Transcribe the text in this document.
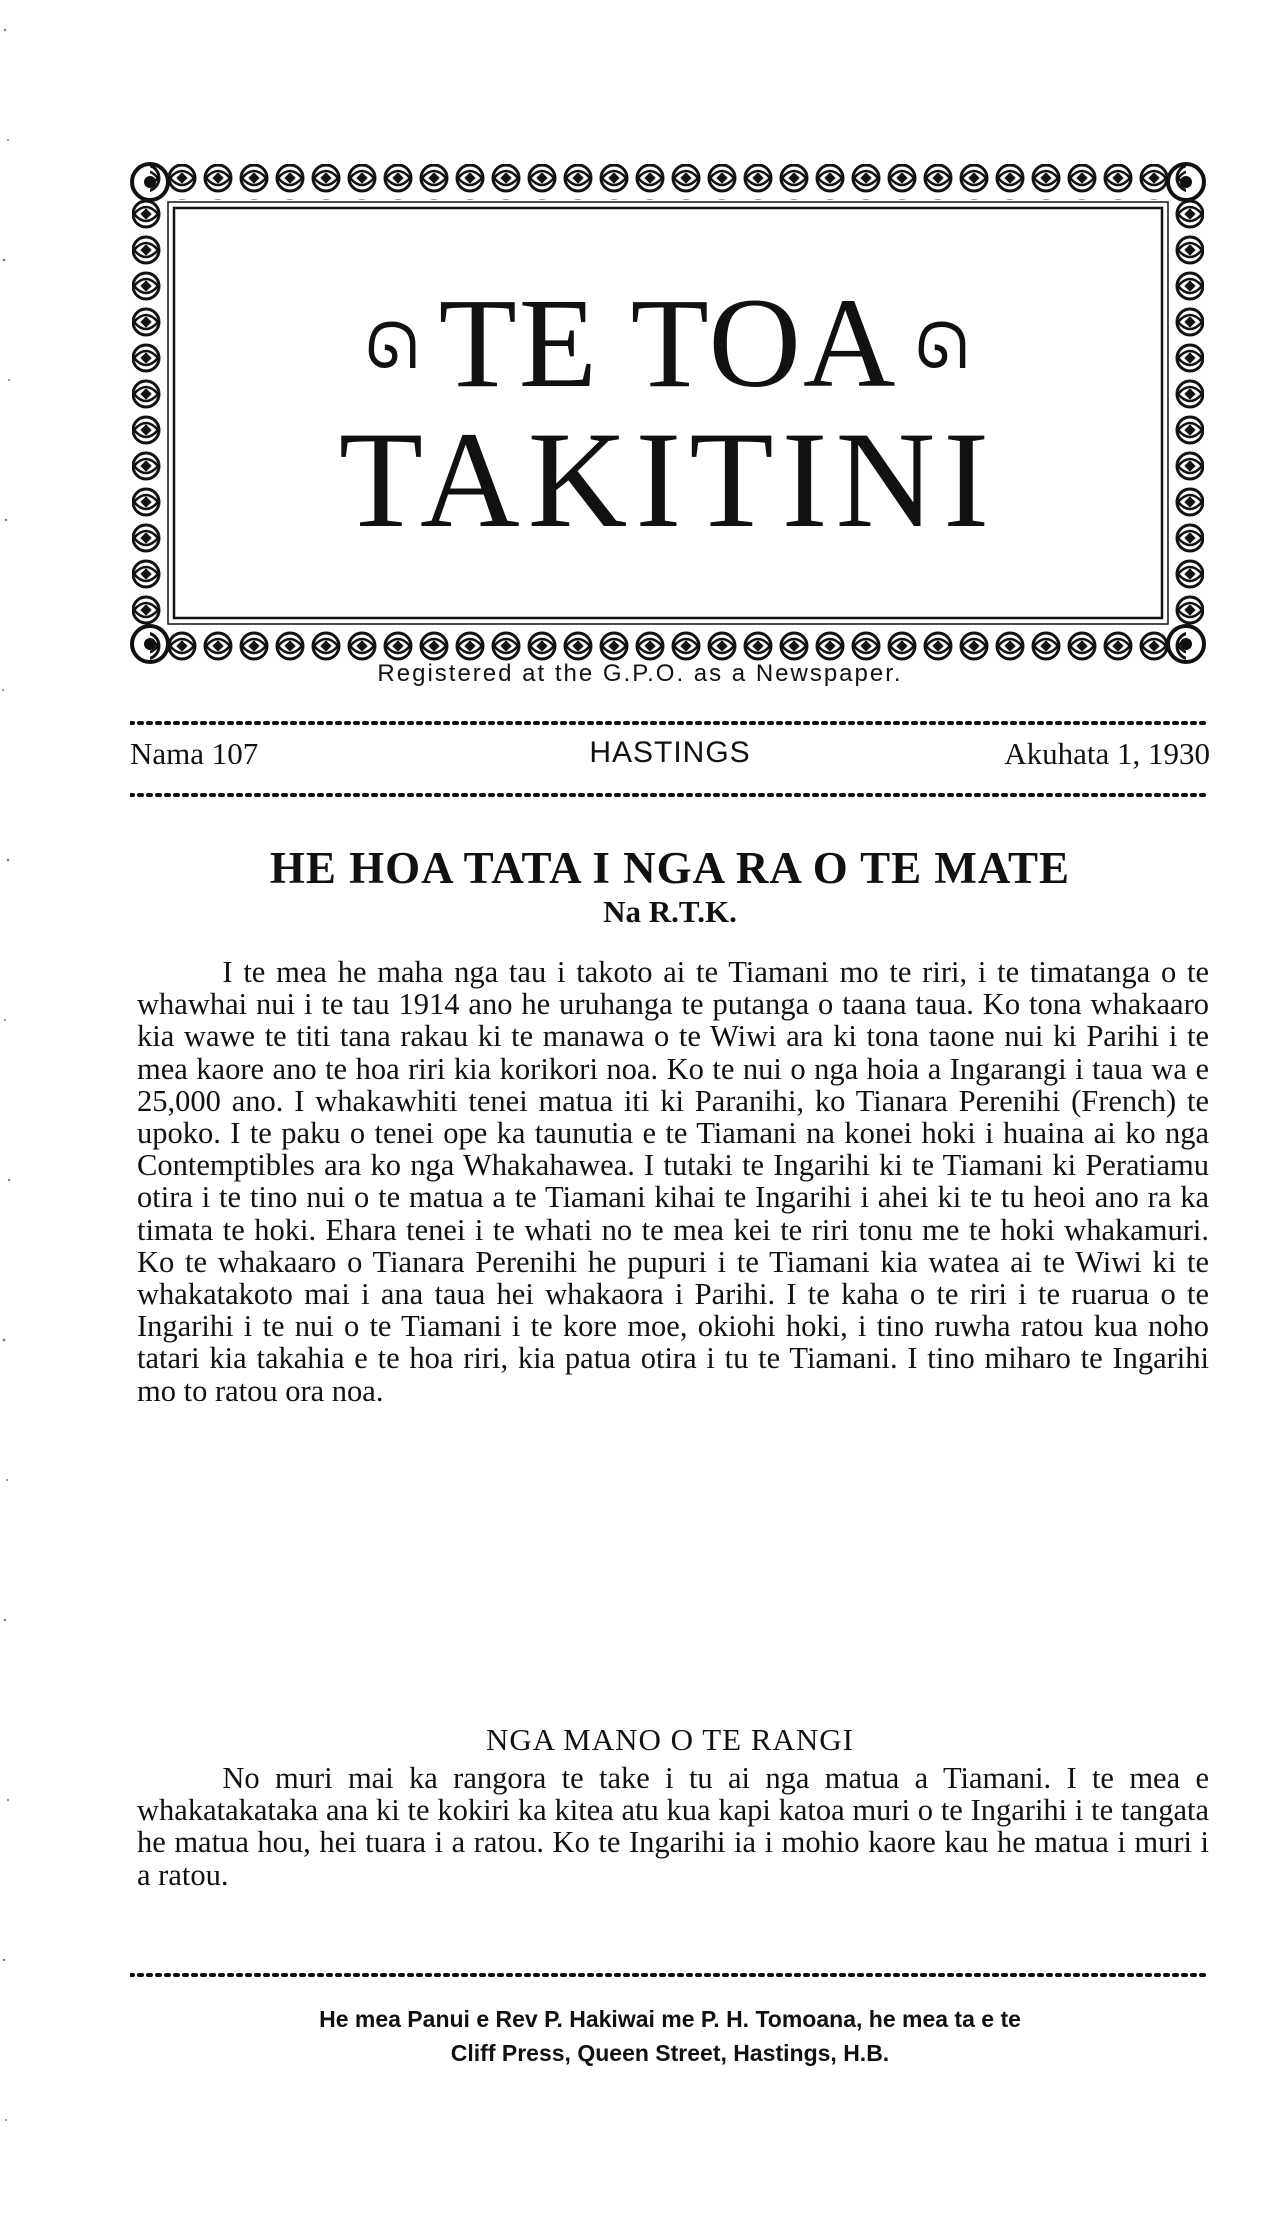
ᘏ TE TOA ᘏ
TAKITINI
Registered at the G.P.O. as a Newspaper.
Nama 107	HASTINGS	Akuhata 1, 1930
HE HOA TATA I NGA RA O TE MATE
Na R.T.K.

I te mea he maha nga tau i takoto ai te Tiamani mo te riri, i te timatanga o te whawhai nui i te tau 1914 ano he uruhanga te putanga o taana taua. Ko tona whakaaro kia wawe te titi tana rakau ki te manawa o te Wiwi ara ki tona taone nui ki Parihi i te mea kaore ano te hoa riri kia korikori noa. Ko te nui o nga hoia a Ingarangi i taua wa e 25,000 ano. I whakawhiti tenei matua iti ki Paranihi, ko Tianara Perenihi (French) te upoko. I te paku o tenei ope ka taunutia e te Tiamani na konei hoki i huaina ai ko nga Contemptibles ara ko nga Whakahawea. I tutaki te Ingarihi ki te Tiamani ki Peratiamu otira i te tino nui o te matua a te Tiamani kihai te Ingarihi i ahei ki te tu heoi ano ra ka timata te hoki. Ehara tenei i te whati no te mea kei te riri tonu me te hoki whakamuri. Ko te whakaaro o Tianara Perenihi he pupuri i te Tiamani kia watea ai te Wiwi ki te whakatakoto mai i ana taua hei whakaora i Parihi. I te kaha o te riri i te ruarua o te Ingarihi i te nui o te Tiamani i te kore moe, okiohi hoki, i tino ruwha ratou kua noho tatari kia takahia e te hoa riri, kia patua otira i tu te Tiamani. I tino miharo te Ingarihi mo to ratou ora noa.

NGA MANO O TE RANGI

No muri mai ka rangora te take i tu ai nga matua a Tiamani. I te mea e whakatakataka ana ki te kokiri ka kitea atu kua kapi katoa muri o te Ingarihi i te tangata he matua hou, hei tuara i a ratou. Ko te Ingarihi ia i mohio kaore kau he matua i muri i a ratou.

He mea Panui e Rev P. Hakiwai me P. H. Tomoana, he mea ta e te
Cliff Press, Queen Street, Hastings, H.B.
